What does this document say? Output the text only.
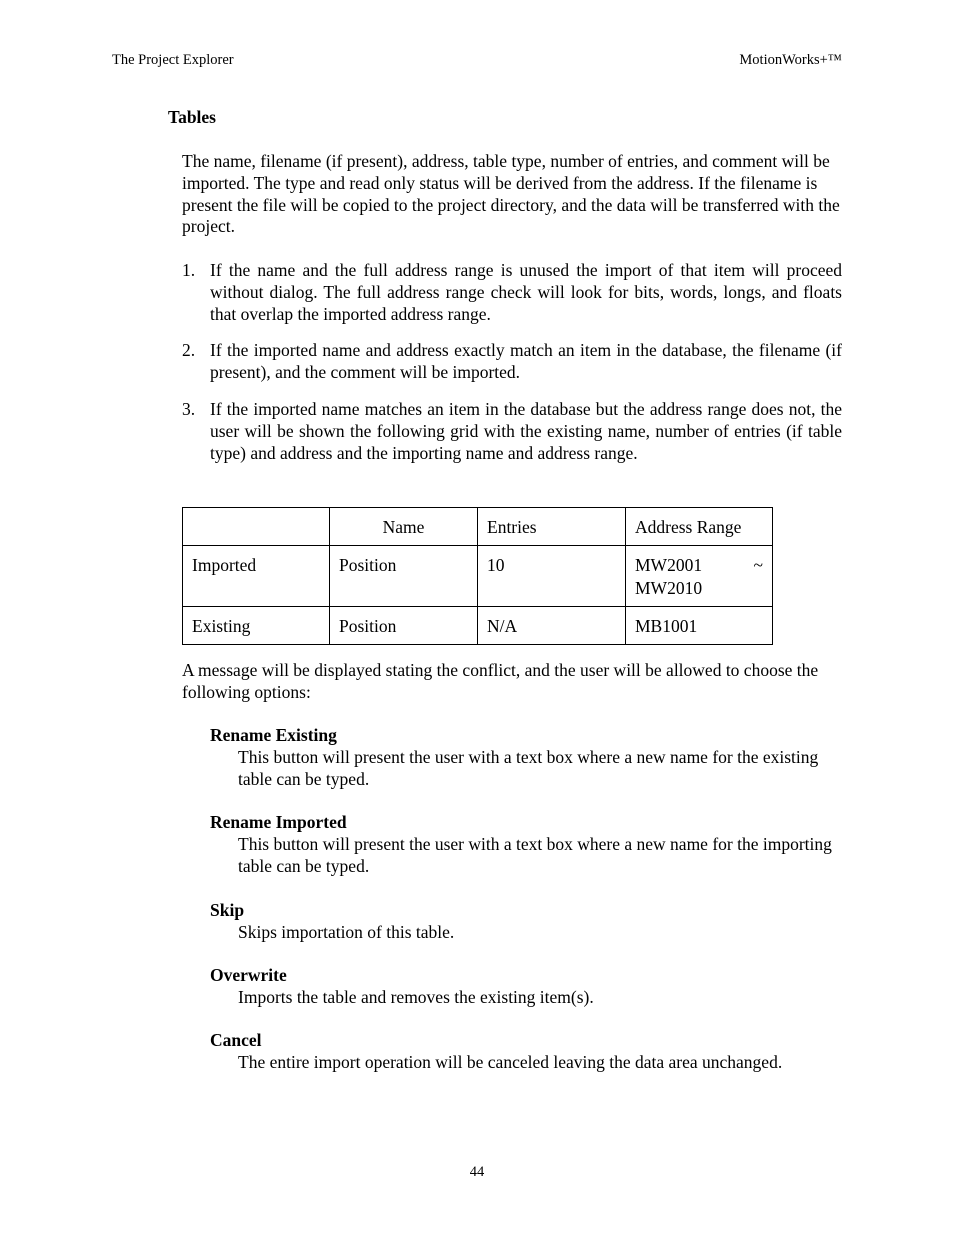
The Project Explorer	MotionWorks+™
Tables

The name, filename (if present), address, table type, number of entries, and comment will be imported. The type and read only status will be derived from the address. If the filename is present the file will be copied to the project directory, and the data will be transferred with the project.

1. If the name and the full address range is unused the import of that item will proceed without dialog. The full address range check will look for bits, words, longs, and floats that overlap the imported address range.
2. If the imported name and address exactly match an item in the database, the filename (if present), and the comment will be imported.
3. If the imported name matches an item in the database but the address range does not, the user will be shown the following grid with the existing name, number of entries (if table type) and address and the importing name and address range.
	Name	Entries	Address Range
Imported	Position	10	MW2001 ~
MW2010

Existing	Position	N/A	MB1001

A message will be displayed stating the conflict, and the user will be allowed to choose the following options:

Rename Existing
This button will present the user with a text box where a new name for the existing table can be typed.
Rename Imported
This button will present the user with a text box where a new name for the importing table can be typed.
Skip
Skips importation of this table.
Overwrite
Imports the table and removes the existing item(s).
Cancel
The entire import operation will be canceled leaving the data area unchanged.
44
